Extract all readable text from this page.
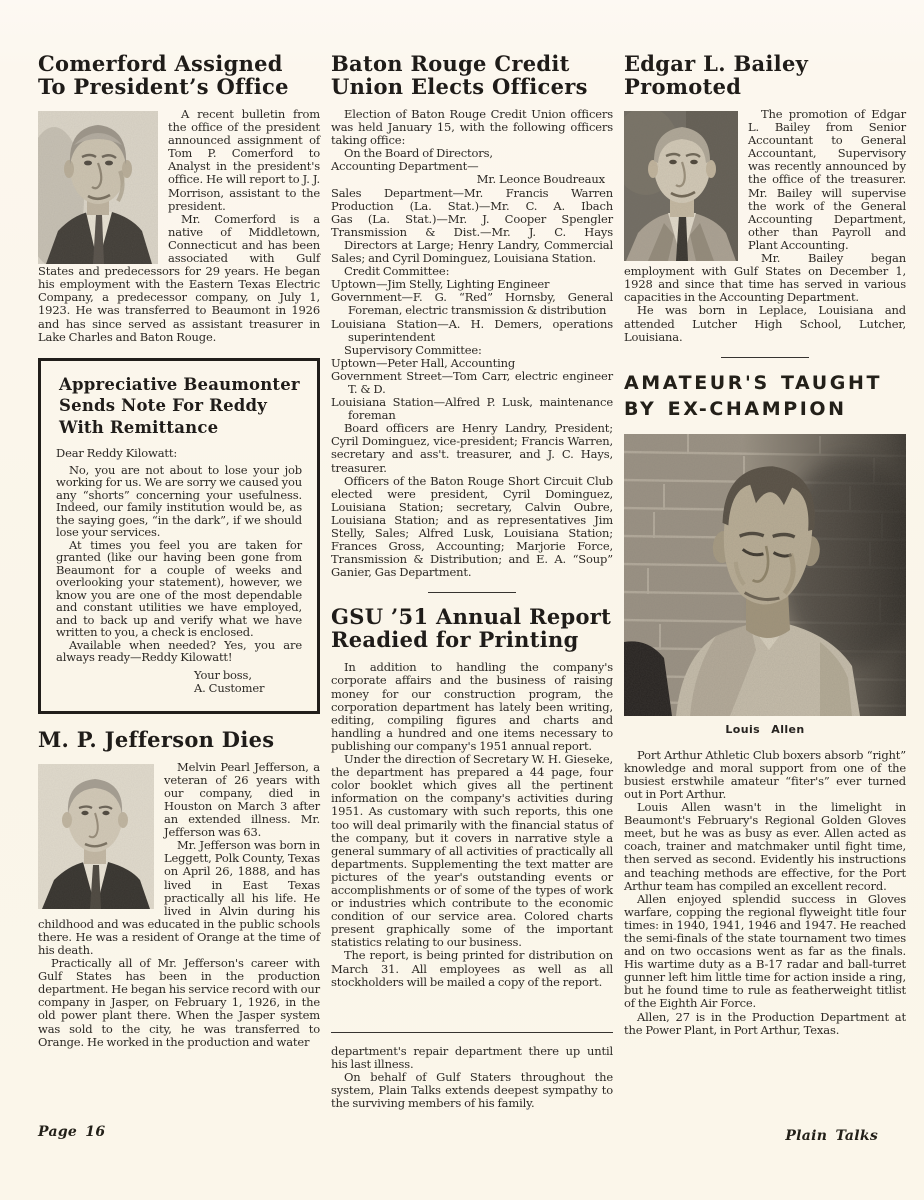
Comerford Assigned
To President’s Office

A recent bulletin from the office of the president announced assignment of Tom P. Comerford to Analyst in the president's office. He will report to J. J. Morrison, assistant to the president.

Mr. Comerford is a native of Middletown, Connecticut and has been associated with Gulf States and predecessors for 29 years. He began his employment with the Eastern Texas Electric Company, a predecessor company, on July 1, 1923. He was transferred to Beaumont in 1926 and has since served as assistant treasurer in Lake Charles and Baton Rouge.

Appreciative Beaumonter
Sends Note For Reddy
With Remittance

Dear Reddy Kilowatt:

No, you are not about to lose your job working for us. We are sorry we caused you any “shorts” concerning your usefulness. Indeed, our family institution would be, as the saying goes, “in the dark”, if we should lose your services.

At times you feel you are taken for granted (like our having been gone from Beaumont for a couple of weeks and overlooking your statement), however, we know you are one of the most dependable and constant utilities we have employed, and to back up and verify what we have written to you, a check is enclosed.

Available when needed? Yes, you are always ready—Reddy Kilowatt!

Your boss,
A. Customer
M. P. Jefferson Dies

Melvin Pearl Jefferson, a veteran of 26 years with our company, died in Houston on March 3 after an extended illness. Mr. Jefferson was 63.

Mr. Jefferson was born in Leggett, Polk County, Texas on April 26, 1888, and has lived in East Texas practically all his life. He lived in Alvin during his childhood and was educated in the public schools there. He was a resident of Orange at the time of his death.

Practically all of Mr. Jefferson's career with Gulf States has been in the production department. He began his service record with our company in Jasper, on February 1, 1926, in the old power plant there. When the Jasper system was sold to the city, he was transferred to Orange. He worked in the production and water

Baton Rouge Credit
Union Elects Officers
Election of Baton Rouge Credit Union officers was held January 15, with the following officers taking office:
On the Board of Directors,
Accounting Department—
Mr. Leonce Boudreaux
Sales Department—Mr. Francis Warren
Production (La. Stat.)—Mr. C. A. Ibach
Gas (La. Stat.)—Mr. J. Cooper Spengler
Transmission & Dist.—Mr. J. C. Hays
Directors at Large; Henry Landry, Commercial Sales; and Cyril Dominguez, Louisiana Station.
Credit Committee:
Uptown—Jim Stelly, Lighting Engineer
Government—F. G. “Red” Hornsby, General Foreman, electric transmission & distribution
Louisiana Station—A. H. Demers, operations superintendent
Supervisory Committee:
Uptown—Peter Hall, Accounting
Government Street—Tom Carr, electric engineer T. & D.
Louisiana Station—Alfred P. Lusk, maintenance foreman
Board officers are Henry Landry, President; Cyril Dominguez, vice-president; Francis Warren, secretary and ass't. treasurer, and J. C. Hays, treasurer.
Officers of the Baton Rouge Short Circuit Club elected were president, Cyril Dominguez, Louisiana Station; secretary, Calvin Oubre, Louisiana Station; and as representatives Jim Stelly, Sales; Alfred Lusk, Louisiana Station; Frances Gross, Accounting; Marjorie Force, Transmission & Distribution; and E. A. “Soup” Ganier, Gas Department.
GSU ’51 Annual Report
Readied for Printing

In addition to handling the company's corporate affairs and the business of raising money for our construction program, the corporation department has lately been writing, editing, compiling figures and charts and handling a hundred and one items necessary to publishing our company's 1951 annual report.

Under the direction of Secretary W. H. Gieseke, the department has prepared a 44 page, four color booklet which gives all the pertinent information on the company's activities during 1951. As customary with such reports, this one too will deal primarily with the financial status of the company, but it covers in narrative style a general summary of all activities of practically all departments. Supplementing the text matter are pictures of the year's outstanding events or accomplishments or of some of the types of work or industries which contribute to the economic condition of our service area. Colored charts present graphically some of the important statistics relating to our business.

The report, is being printed for distribution on March 31. All employees as well as all stockholders will be mailed a copy of the report.

department's repair department there up until his last illness.

On behalf of Gulf Staters throughout the system, Plain Talks extends deepest sympathy to the surviving members of his family.

Edgar L. Bailey
Promoted

The promotion of Edgar L. Bailey from Senior Accountant to General Accountant, Supervisory was recently announced by the office of the treasurer. Mr. Bailey will supervise the work of the General Accounting Department, other than Payroll and Plant Accounting.

Mr. Bailey began employment with Gulf States on December 1, 1928 and since that time has served in various capacities in the Accounting Department.

He was born in Leplace, Louisiana and attended Lutcher High School, Lutcher, Louisiana.

AMATEUR'S TAUGHT
BY EX-CHAMPION
Louis Allen

Port Arthur Athletic Club boxers absorb “right” knowledge and moral support from one of the busiest erstwhile amateur “fiter's” ever turned out in Port Arthur.

Louis Allen wasn't in the limelight in Beaumont's February's Regional Golden Gloves meet, but he was as busy as ever. Allen acted as coach, trainer and matchmaker until fight time, then served as second. Evidently his instructions and teaching methods are effective, for the Port Arthur team has compiled an excellent record.

Allen enjoyed splendid success in Gloves warfare, copping the regional flyweight title four times: in 1940, 1941, 1946 and 1947. He reached the semi-finals of the state tournament two times and on two occasions went as far as the finals. His wartime duty as a B-17 radar and ball-turret gunner left him little time for action inside a ring, but he found time to rule as featherweight titlist of the Eighth Air Force.

Allen, 27 is in the Production Department at the Power Plant, in Port Arthur, Texas.

Page 16	Plain Talks
